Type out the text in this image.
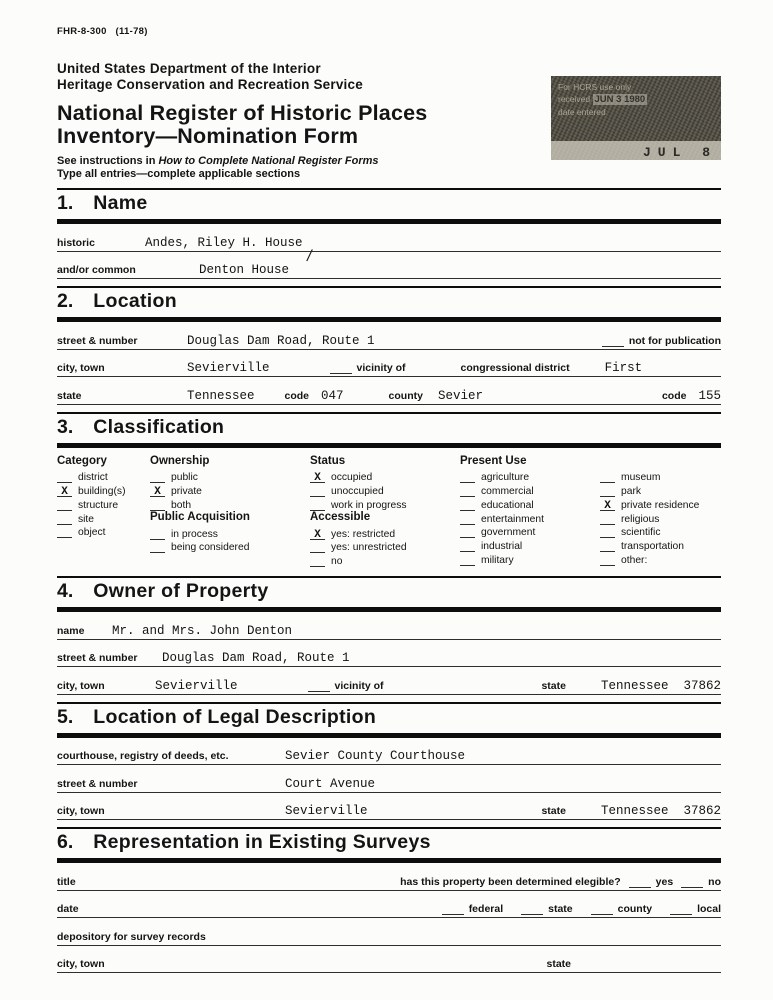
FHR-8-300   (11-78)
For HCRS use only
received JUN 3 1980
date entered
JUL 8
United States Department of the Interior
Heritage Conservation and Recreation Service
National Register of Historic Places
Inventory—Nomination Form
See instructions in How to Complete National Register Forms
Type all entries—complete applicable sections
1. Name
historic	Andes, Riley H. House
/
and/or common	Denton House
2. Location
street & number	Douglas Dam Road, Route 1	not for publication
city, town	Sevierville	vicinity of	congressional district	First
state	Tennessee	code 047	county Sevier	code 155
3. Classification
Category
district
X building(s)
structure
site
object
Ownership
public
X private
both
Public Acquisition
in process
being considered
Status
X occupied
unoccupied
work in progress
Accessible
X yes: restricted
yes: unrestricted
no
Present Use
agriculture
commercial
educational
entertainment
government
industrial
military
museum
park
X private residence
religious
scientific
transportation
other:
4. Owner of Property
name	Mr. and Mrs. John Denton
street & number	Douglas Dam Road, Route 1
city, town	Sevierville	vicinity of	state	Tennessee  37862
5. Location of Legal Description
courthouse, registry of deeds, etc.	Sevier County Courthouse
street & number	Court Avenue
city, town	Sevierville	state	Tennessee  37862
6. Representation in Existing Surveys
title	has this property been determined elegible?	yes	no
date	federal	state	county	local
depository for survey records
city, town	state
